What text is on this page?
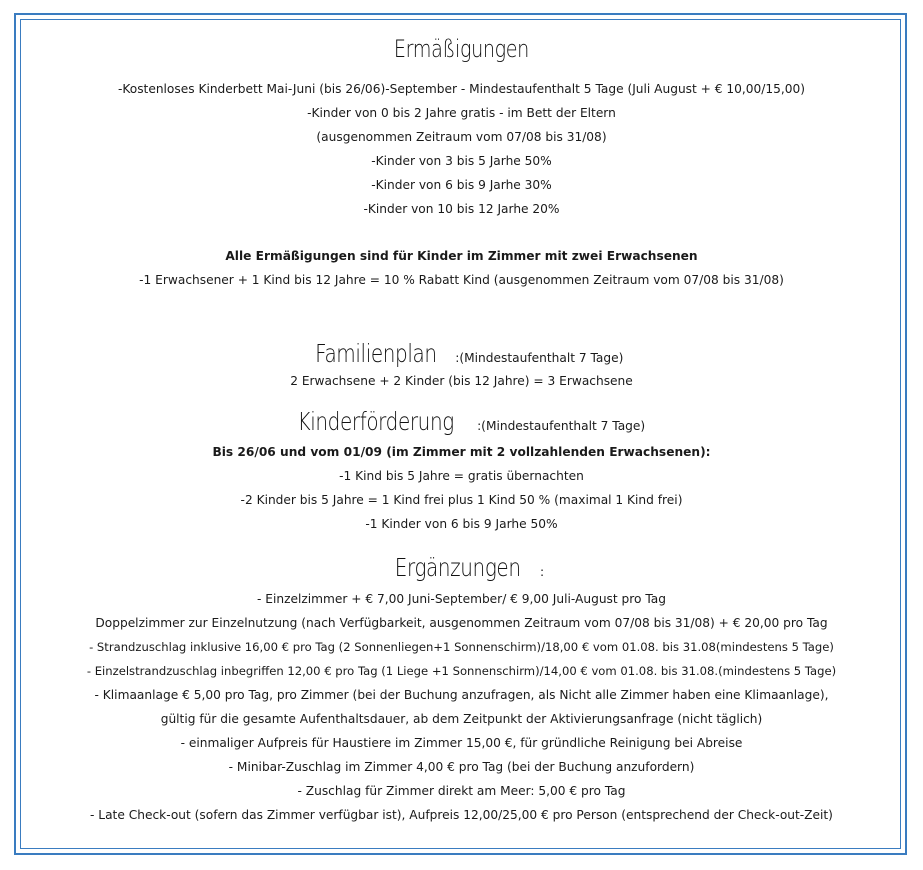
Ermäßigungen
-Kostenloses Kinderbett Mai-Juni (bis 26/06)-September - Mindestaufenthalt 5 Tage (Juli August + € 10,00/15,00)
-Kinder von 0 bis 2 Jahre gratis - im Bett der Eltern
(ausgenommen Zeitraum vom 07/08 bis 31/08)
-Kinder von 3 bis 5 Jarhe 50%
-Kinder von 6 bis 9 Jarhe 30%
-Kinder von 10 bis 12 Jarhe 20%
Alle Ermäßigungen sind für Kinder im Zimmer mit zwei Erwachsenen
-1 Erwachsener + 1 Kind bis 12 Jahre = 10 % Rabatt Kind (ausgenommen Zeitraum vom 07/08 bis 31/08)
Familienplan :(Mindestaufenthalt 7 Tage)
2 Erwachsene + 2 Kinder (bis 12 Jahre) = 3 Erwachsene
Kinderförderung :(Mindestaufenthalt 7 Tage)
Bis 26/06 und vom 01/09 (im Zimmer mit 2 vollzahlenden Erwachsenen):
-1 Kind bis 5 Jahre = gratis übernachten
-2 Kinder bis 5 Jahre = 1 Kind frei plus 1 Kind 50 % (maximal 1 Kind frei)
-1 Kinder von 6 bis 9 Jarhe 50%
Ergänzungen :
- Einzelzimmer + € 7,00 Juni-September/ € 9,00 Juli-August pro Tag
Doppelzimmer zur Einzelnutzung (nach Verfügbarkeit, ausgenommen Zeitraum vom 07/08 bis 31/08) + € 20,00 pro Tag
- Strandzuschlag inklusive 16,00 € pro Tag (2 Sonnenliegen+1 Sonnenschirm)/18,00 € vom 01.08. bis 31.08(mindestens 5 Tage)
- Einzelstrandzuschlag inbegriffen 12,00 € pro Tag (1 Liege +1 Sonnenschirm)/14,00 € vom 01.08. bis 31.08.(mindestens 5 Tage)
- Klimaanlage € 5,00 pro Tag, pro Zimmer (bei der Buchung anzufragen, als Nicht alle Zimmer haben eine Klimaanlage),
gültig für die gesamte Aufenthaltsdauer, ab dem Zeitpunkt der Aktivierungsanfrage (nicht täglich)
- einmaliger Aufpreis für Haustiere im Zimmer 15,00 €, für gründliche Reinigung bei Abreise
- Minibar-Zuschlag im Zimmer 4,00 € pro Tag (bei der Buchung anzufordern)
- Zuschlag für Zimmer direkt am Meer: 5,00 € pro Tag
- Late Check-out (sofern das Zimmer verfügbar ist), Aufpreis 12,00/25,00 € pro Person (entsprechend der Check-out-Zeit)
